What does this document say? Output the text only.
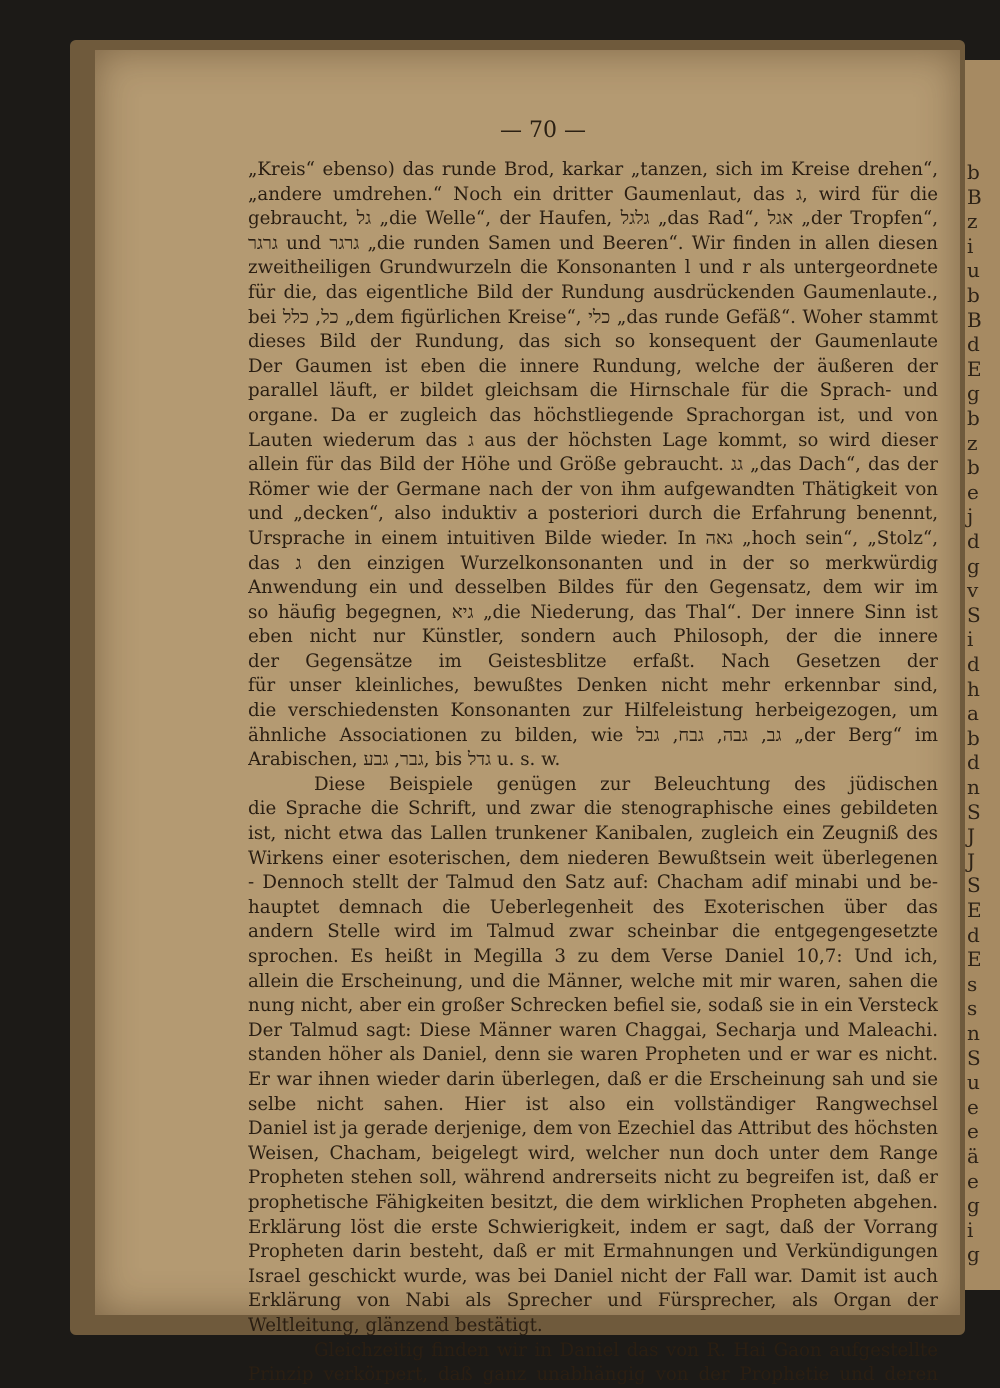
b
B
z
i
u
b
B
d
E
g
b
z
b
e
j
d
g
v
S
i
d
h
a
b
d
n
S
J
J
S
E
d
E
s
s
n
S
u
e
e
ä
e
g
i
g
— 70 —
„Kreis“ ebenso) das runde Brod, karkar „tanzen, sich im Kreise drehen“,
„andere umdrehen.“ Noch ein dritter Gaumenlaut, das ג, wird für die
gebraucht, גל „die Welle“, der Haufen, גלגל „das Rad“, אגל „der Tropfen“,
גרגר und גרגר „die runden Samen und Beeren“. Wir finden in allen diesen
zweitheiligen Grundwurzeln die Konsonanten l und r als untergeordnete
für die, das eigentliche Bild der Rundung ausdrückenden Gaumenlaute.,
bei כל, כלל „dem figürlichen Kreise“, כלי „das runde Gefäß“. Woher stammt
dieses Bild der Rundung, das sich so konsequent der Gaumenlaute
Der Gaumen ist eben die innere Rundung, welche der äußeren der
parallel läuft, er bildet gleichsam die Hirnschale für die Sprach- und
organe. Da er zugleich das höchstliegende Sprachorgan ist, und von
Lauten wiederum das ג aus der höchsten Lage kommt, so wird dieser
allein für das Bild der Höhe und Größe gebraucht. גג „das Dach“, das der
Römer wie der Germane nach der von ihm aufgewandten Thätigkeit von
und „decken“, also induktiv a posteriori durch die Erfahrung benennt,
Ursprache in einem intuitiven Bilde wieder. In גאה „hoch sein“, „Stolz“,
das ג den einzigen Wurzelkonsonanten und in der so merkwürdig
Anwendung ein und desselben Bildes für den Gegensatz, dem wir im
so häufig begegnen, גיא „die Niederung, das Thal“. Der innere Sinn ist
eben nicht nur Künstler, sondern auch Philosoph, der die innere
der Gegensätze im Geistesblitze erfaßt. Nach Gesetzen der
für unser kleinliches, bewußtes Denken nicht mehr erkennbar sind,
die verschiedensten Konsonanten zur Hilfeleistung herbeigezogen, um
ähnliche Associationen zu bilden, wie גב, גבה, גבח, גבל „der Berg“ im
Arabischen, גבר, גבע, bis גדל u. s. w.
Diese Beispiele genügen zur Beleuchtung des jüdischen
die Sprache die Schrift, und zwar die stenographische eines gebildeten
ist, nicht etwa das Lallen trunkener Kanibalen, zugleich ein Zeugniß des
Wirkens einer esoterischen, dem niederen Bewußtsein weit überlegenen
- Dennoch stellt der Talmud den Satz auf: Chacham adif minabi und be-
hauptet demnach die Ueberlegenheit des Exoterischen über das
andern Stelle wird im Talmud zwar scheinbar die entgegengesetzte
sprochen. Es heißt in Megilla 3 zu dem Verse Daniel 10,7: Und ich,
allein die Erscheinung, und die Männer, welche mit mir waren, sahen die
nung nicht, aber ein großer Schrecken befiel sie, sodaß sie in ein Versteck
Der Talmud sagt: Diese Männer waren Chaggai, Secharja und Maleachi.
standen höher als Daniel, denn sie waren Propheten und er war es nicht.
Er war ihnen wieder darin überlegen, daß er die Erscheinung sah und sie
selbe nicht sahen. Hier ist also ein vollständiger Rangwechsel
Daniel ist ja gerade derjenige, dem von Ezechiel das Attribut des höchsten
Weisen, Chacham, beigelegt wird, welcher nun doch unter dem Range
Propheten stehen soll, während andrerseits nicht zu begreifen ist, daß er
prophetische Fähigkeiten besitzt, die dem wirklichen Propheten abgehen.
Erklärung löst die erste Schwierigkeit, indem er sagt, daß der Vorrang
Propheten darin besteht, daß er mit Ermahnungen und Verkündigungen
Israel geschickt wurde, was bei Daniel nicht der Fall war. Damit ist auch
Erklärung von Nabi als Sprecher und Fürsprecher, als Organ der
Weltleitung, glänzend bestätigt.
Gleichzeitig finden wir in Daniel das von R. Hai Gaon aufgestellte
Prinzip verkörpert, daß ganz unabhängig von der Prophetie und deren
